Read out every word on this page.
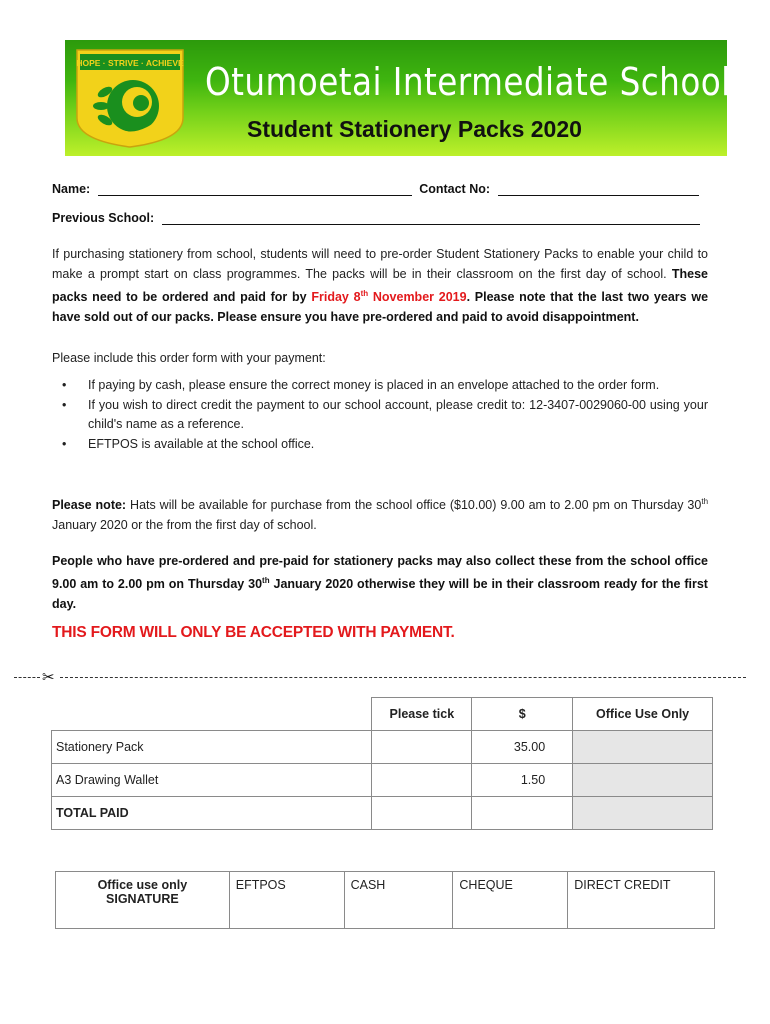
HOPE · STRIVE · ACHIEVE Otumoetai Intermediate School
Student Stationery Packs 2020
Name:	Contact No:
Previous School:
If purchasing stationery from school, students will need to pre-order Student Stationery Packs to enable your child to make a prompt start on class programmes. The packs will be in their classroom on the first day of school. These packs need to be ordered and paid for by Friday 8th November 2019. Please note that the last two years we have sold out of our packs. Please ensure you have pre-ordered and paid to avoid disappointment.
Please include this order form with your payment:
• If paying by cash, please ensure the correct money is placed in an envelope attached to the order form.
• If you wish to direct credit the payment to our school account, please credit to: 12-3407-0029060-00 using your child's name as a reference.
• EFTPOS is available at the school office.
Please note: Hats will be available for purchase from the school office ($10.00) 9.00 am to 2.00 pm on Thursday 30th January 2020 or the from the first day of school.
People who have pre-ordered and pre-paid for stationery packs may also collect these from the school office 9.00 am to 2.00 pm on Thursday 30th January 2020 otherwise they will be in their classroom ready for the first day.
THIS FORM WILL ONLY BE ACCEPTED WITH PAYMENT.
✂
	Please tick	$	Office Use Only
Stationery Pack		35.00	
A3 Drawing Wallet		1.50	
TOTAL PAID			
Office use only
SIGNATURE
	EFTPOS	CASH	CHEQUE	DIRECT CREDIT
